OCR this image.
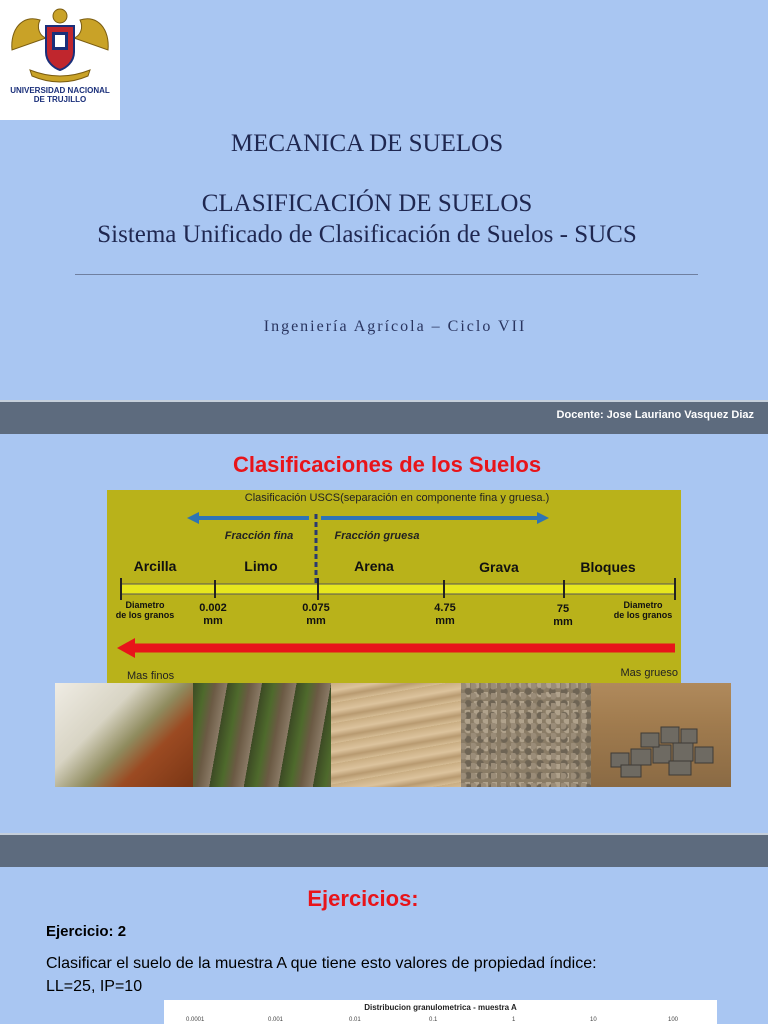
UNIVERSIDAD NACIONAL
DE TRUJILLO
MECANICA DE SUELOS
CLASIFICACIÓN DE SUELOS
Sistema Unificado de Clasificación de Suelos - SUCS
Ingeniería Agrícola – Ciclo VII
Docente: Jose Lauriano Vasquez Diaz
Clasificaciones de los Suelos
Clasificación USCS(separación en componente fina y gruesa.)
Fracción fina	Fracción gruesa
Arcilla	Limo	Arena	Grava	Bloques
Diametro
de los granos
0.002
mm
0.075
mm
4.75
mm
75
mm
Diametro
de los granos
Mas finos	Mas grueso
Ejercicios:
Ejercicio: 2
Clasificar el suelo de la muestra A que tiene esto valores de propiedad índice:
LL=25, IP=10
Distribucion granulometrica - muestra A
0.0001	0.001	0.01	0.1	1	10	100
